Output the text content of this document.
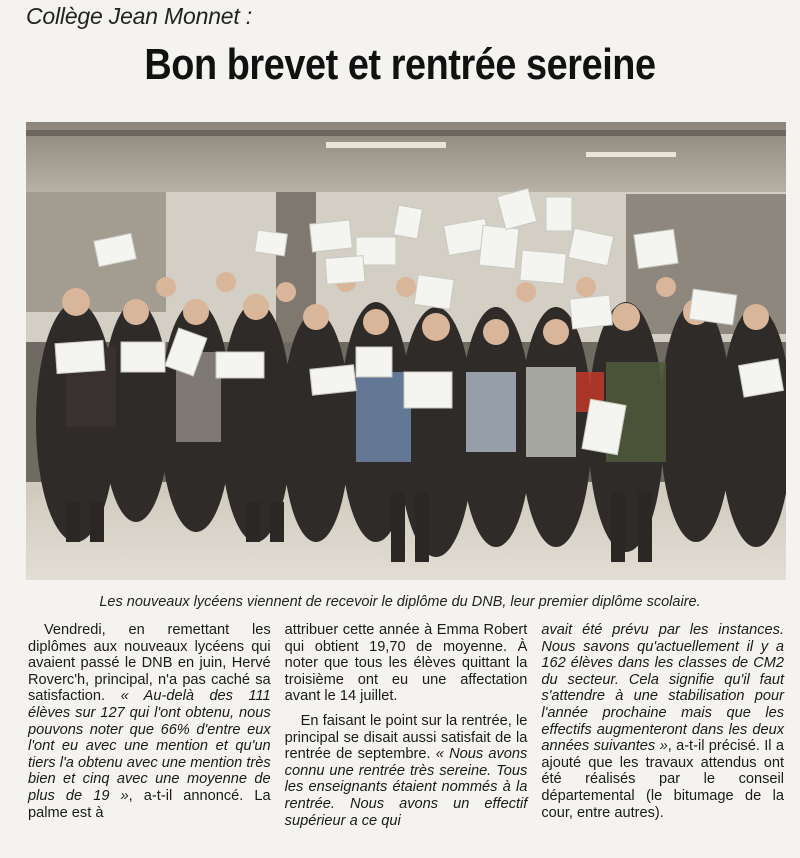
Collège Jean Monnet :
Bon brevet et rentrée sereine
Les nouveaux lycéens viennent de recevoir le diplôme du DNB, leur premier diplôme scolaire.

Vendredi, en remettant les diplômes aux nouveaux lycéens qui avaient passé le DNB en juin, Hervé Roverc'h, principal, n'a pas caché sa satisfaction. « Au-delà des 111 élèves sur 127 qui l'ont obtenu, nous pouvons noter que 66% d'entre eux l'ont eu avec une mention et qu'un tiers l'a obtenu avec une mention très bien et cinq avec une moyenne de plus de 19 », a-t-il annoncé. La palme est à

attribuer cette année à Emma Robert qui obtient 19,70 de moyenne. À noter que tous les élèves quittant la troisième ont eu une affectation avant le 14 juillet.

En faisant le point sur la rentrée, le principal se disait aussi satisfait de la rentrée de septembre. « Nous avons connu une rentrée très sereine. Tous les enseignants étaient nommés à la rentrée. Nous avons un effectif supérieur a ce qui

avait été prévu par les instances. Nous savons qu'actuellement il y a 162 élèves dans les classes de CM2 du secteur. Cela signifie qu'il faut s'attendre à une stabilisation pour l'année prochaine mais que les effectifs augmenteront dans les deux années suivantes », a-t-il précisé. Il a ajouté que les travaux attendus ont été réalisés par le conseil départemental (le bitumage de la cour, entre autres).
